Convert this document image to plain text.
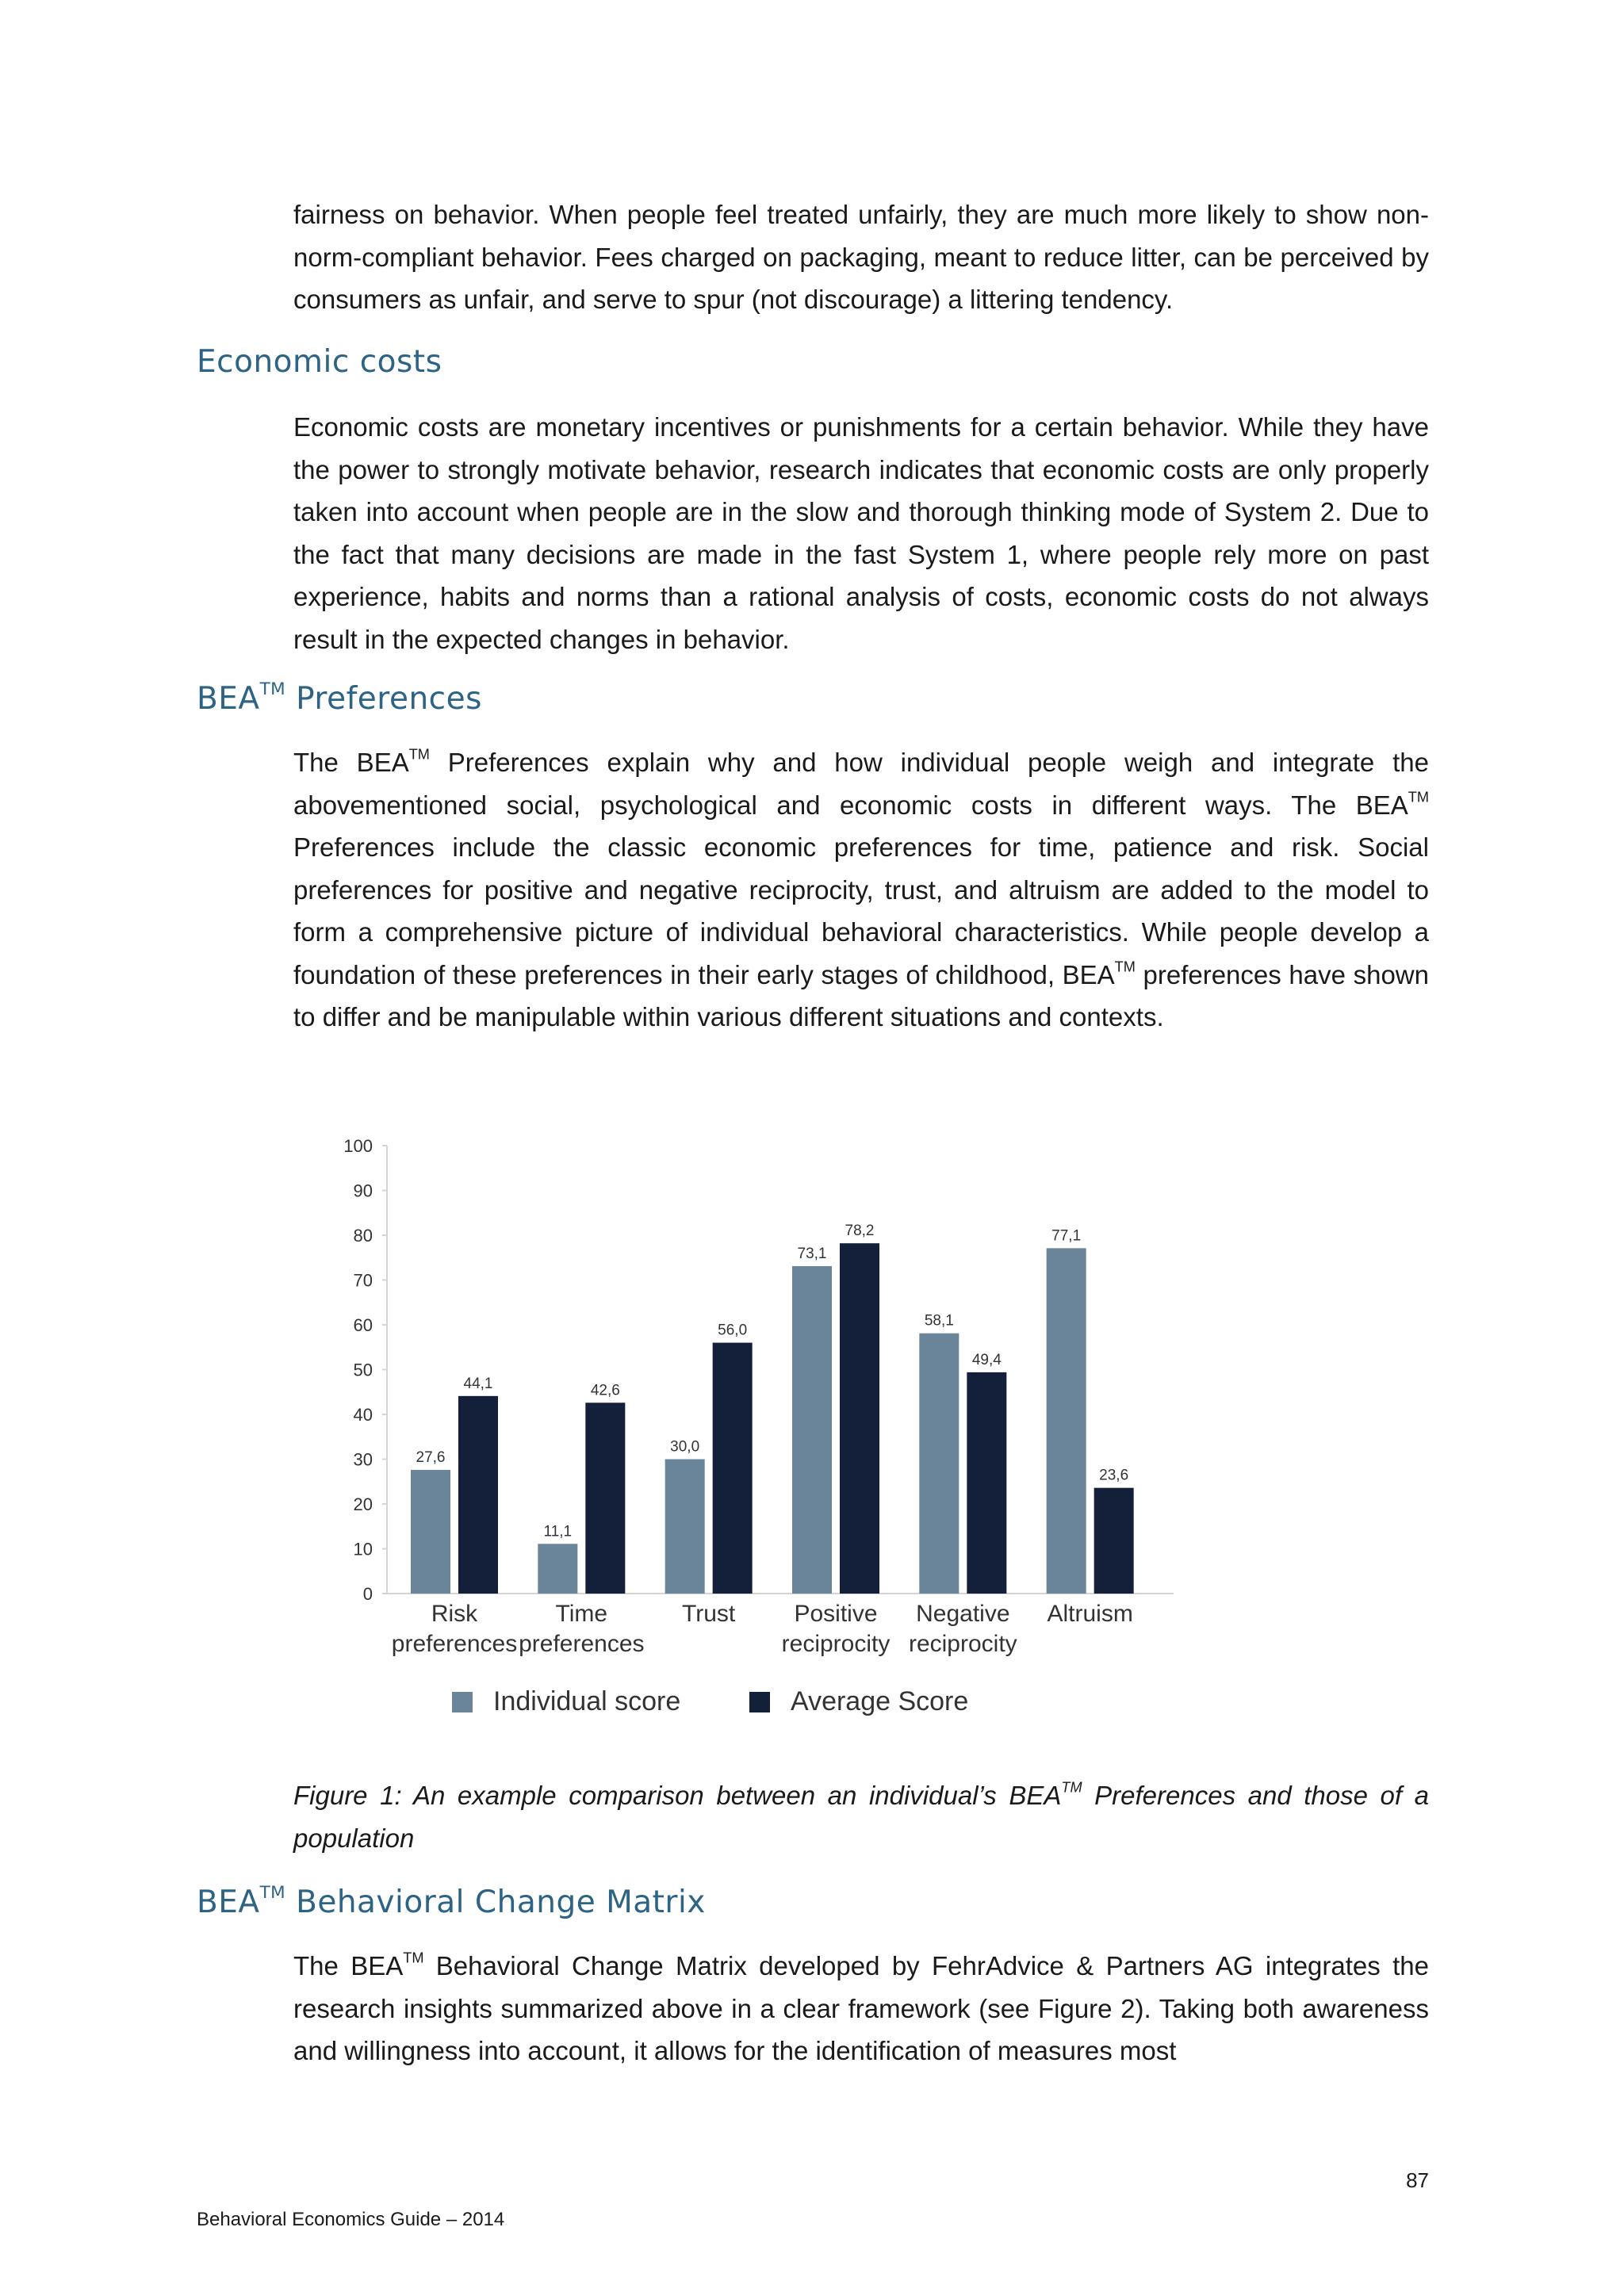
fairness on behavior. When people feel treated unfairly, they are much more likely to show non-norm-compliant behavior. Fees charged on packaging, meant to reduce litter, can be perceived by consumers as unfair, and serve to spur (not discourage) a littering tendency.

Economic costs

Economic costs are monetary incentives or punishments for a certain behavior. While they have the power to strongly motivate behavior, research indicates that economic costs are only properly taken into account when people are in the slow and thorough thinking mode of System 2. Due to the fact that many decisions are made in the fast System 1, where people rely more on past experience, habits and norms than a rational analysis of costs, economic costs do not always result in the expected changes in behavior.

BEA™ Preferences

The BEA™ Preferences explain why and how individual people weigh and integrate the abovementioned social, psychological and economic costs in different ways. The BEA™ Preferences include the classic economic preferences for time, patience and risk. Social preferences for positive and negative reciprocity, trust, and altruism are added to the model to form a comprehensive picture of individual behavioral characteristics. While people develop a foundation of these preferences in their early stages of childhood, BEA™ preferences have shown to differ and be manipulable within various different situations and contexts.

0
10
20
30
40
50
60
70
80
90
100
27,6
44,1
11,1
42,6
30,0
56,0
73,1
78,2
58,1
49,4
77,1
23,6
Risk
preferences
Time
preferences
Trust Positive
reciprocity
Negative
reciprocity
Altruism
Individual score	Average Score

Figure 1: An example comparison between an individual’s BEA™ Preferences and those of a population

BEA™ Behavioral Change Matrix

The BEA™ Behavioral Change Matrix developed by FehrAdvice & Partners AG integrates the research insights summarized above in a clear framework (see Figure 2). Taking both awareness and willingness into account, it allows for the identification of measures most

87
Behavioral Economics Guide – 2014
